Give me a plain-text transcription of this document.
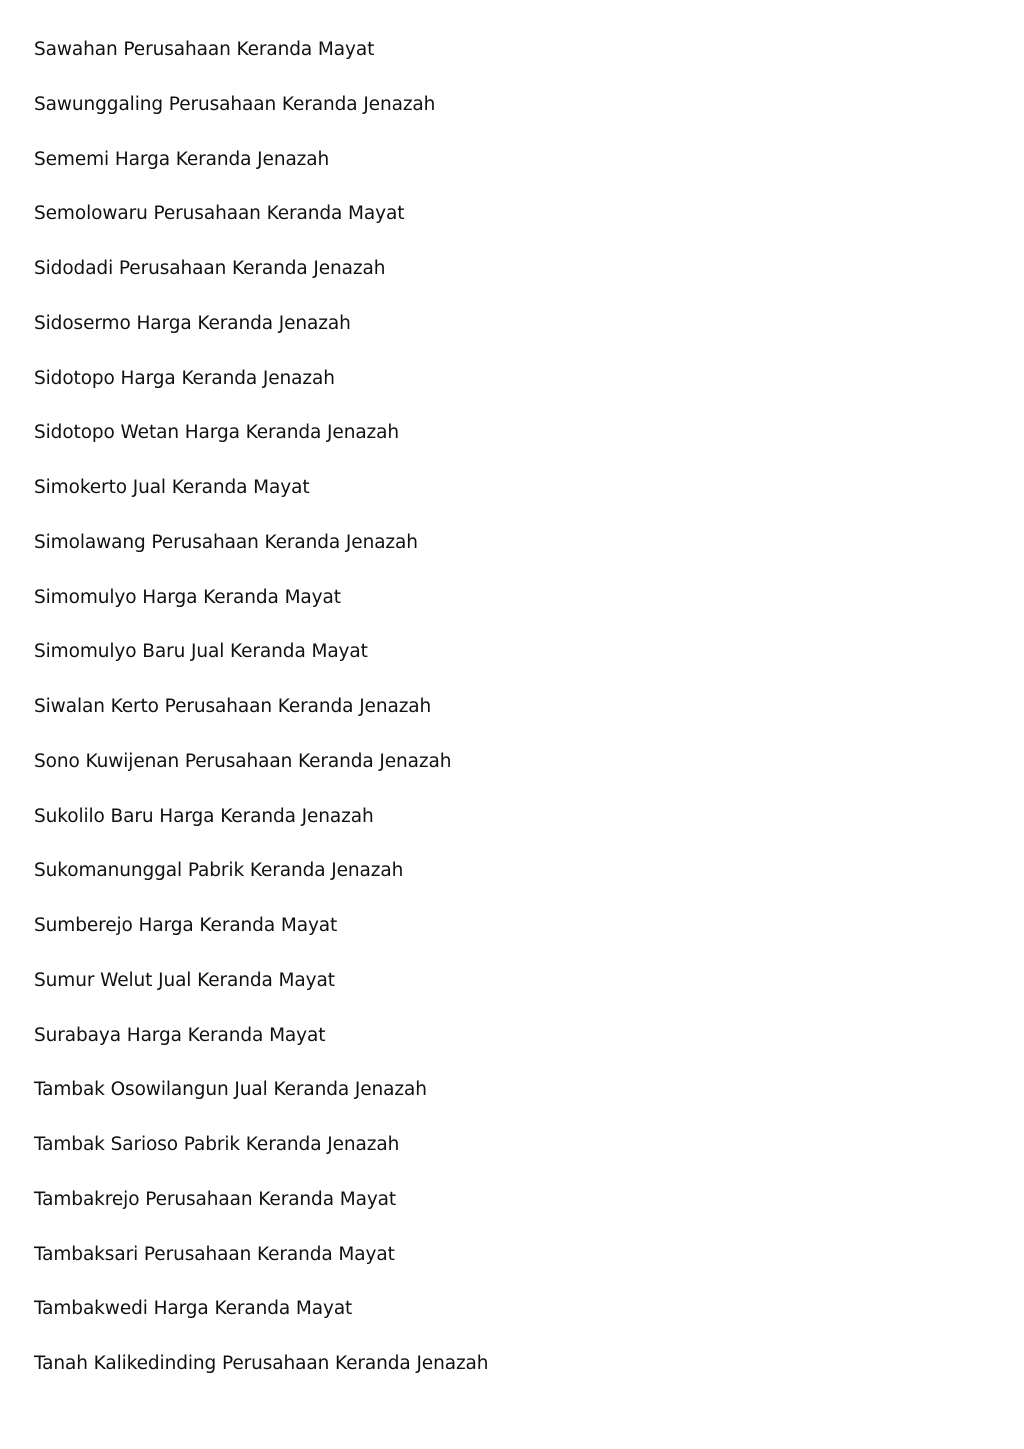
Sawahan Perusahaan Keranda Mayat
Sawunggaling Perusahaan Keranda Jenazah
Sememi Harga Keranda Jenazah
Semolowaru Perusahaan Keranda Mayat
Sidodadi Perusahaan Keranda Jenazah
Sidosermo Harga Keranda Jenazah
Sidotopo Harga Keranda Jenazah
Sidotopo Wetan Harga Keranda Jenazah
Simokerto Jual Keranda Mayat
Simolawang Perusahaan Keranda Jenazah
Simomulyo Harga Keranda Mayat
Simomulyo Baru Jual Keranda Mayat
Siwalan Kerto Perusahaan Keranda Jenazah
Sono Kuwijenan Perusahaan Keranda Jenazah
Sukolilo Baru Harga Keranda Jenazah
Sukomanunggal Pabrik Keranda Jenazah
Sumberejo Harga Keranda Mayat
Sumur Welut Jual Keranda Mayat
Surabaya Harga Keranda Mayat
Tambak Osowilangun Jual Keranda Jenazah
Tambak Sarioso Pabrik Keranda Jenazah
Tambakrejo Perusahaan Keranda Mayat
Tambaksari Perusahaan Keranda Mayat
Tambakwedi Harga Keranda Mayat
Tanah Kalikedinding Perusahaan Keranda Jenazah
